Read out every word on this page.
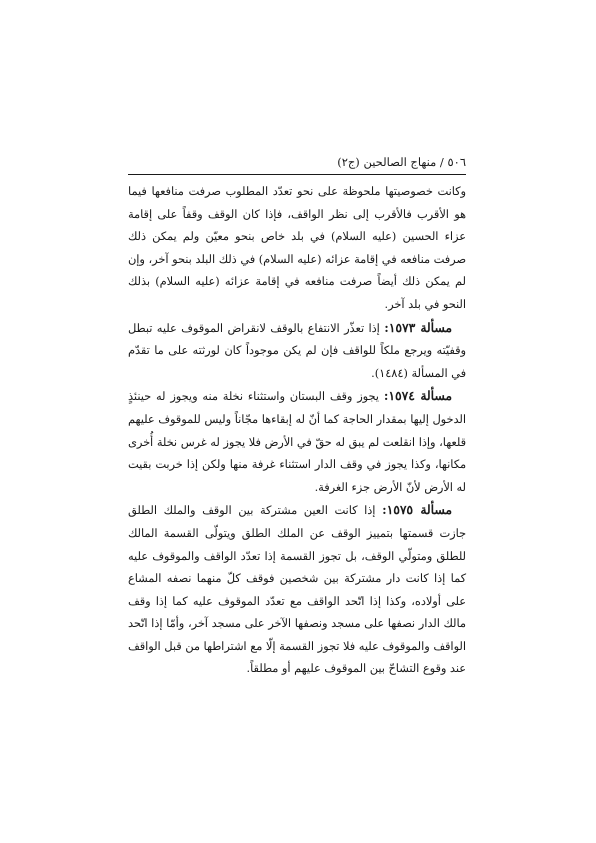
٥٠٦ / منهاج الصالحين (ج٢)

وكانت خصوصيتها ملحوظة على نحو تعدّد المطلوب صرفت منافعها فيما هو الأقرب فالأقرب إلى نظر الواقف، فإذا كان الوقف وقفاً على إقامة عزاء الحسين (عليه السلام) في بلد خاص بنحو معيّن ولم يمكن ذلك صرفت منافعه في إقامة عزائه (عليه السلام) في ذلك البلد بنحو آخر، وإن لم يمكن ذلك أيضاً صرفت منافعه في إقامة عزائه (عليه السلام) بذلك النحو في بلد آخر.

مسألة ١٥٧٣: إذا تعذّر الانتفاع بالوقف لانقراض الموقوف عليه تبطل وقفيّته ويرجع ملكاً للواقف فإن لم يكن موجوداً كان لورثته على ما تقدّم في المسألة (١٤٨٤).

مسألة ١٥٧٤: يجوز وقف البستان واستثناء نخلة منه ويجوز له حينئذٍ الدخول إليها بمقدار الحاجة كما أنّ له إبقاءها مجّاناً وليس للموقوف عليهم قلعها، وإذا انقلعت لم يبق له حقّ في الأرض فلا يجوز له غرس نخلة أُخرى مكانها، وكذا يجوز في وقف الدار استثناء غرفة منها ولكن إذا خربت بقيت له الأرض لأنّ الأرض جزء الغرفة.

مسألة ١٥٧٥: إذا كانت العين مشتركة بين الوقف والملك الطلق جازت قسمتها بتمييز الوقف عن الملك الطلق ويتولّى القسمة المالك للطلق ومتولّي الوقف، بل تجوز القسمة إذا تعدّد الواقف والموقوف عليه كما إذا كانت دار مشتركة بين شخصين فوقف كلّ منهما نصفه المشاع على أولاده، وكذا إذا اتّحد الواقف مع تعدّد الموقوف عليه كما إذا وقف مالك الدار نصفها على مسجد ونصفها الآخر على مسجد آخر، وأمّا إذا اتّحد الواقف والموقوف عليه فلا تجوز القسمة إلّا مع اشتراطها من قبل الواقف عند وقوع التشاحّ بين الموقوف عليهم أو مطلقاً.
